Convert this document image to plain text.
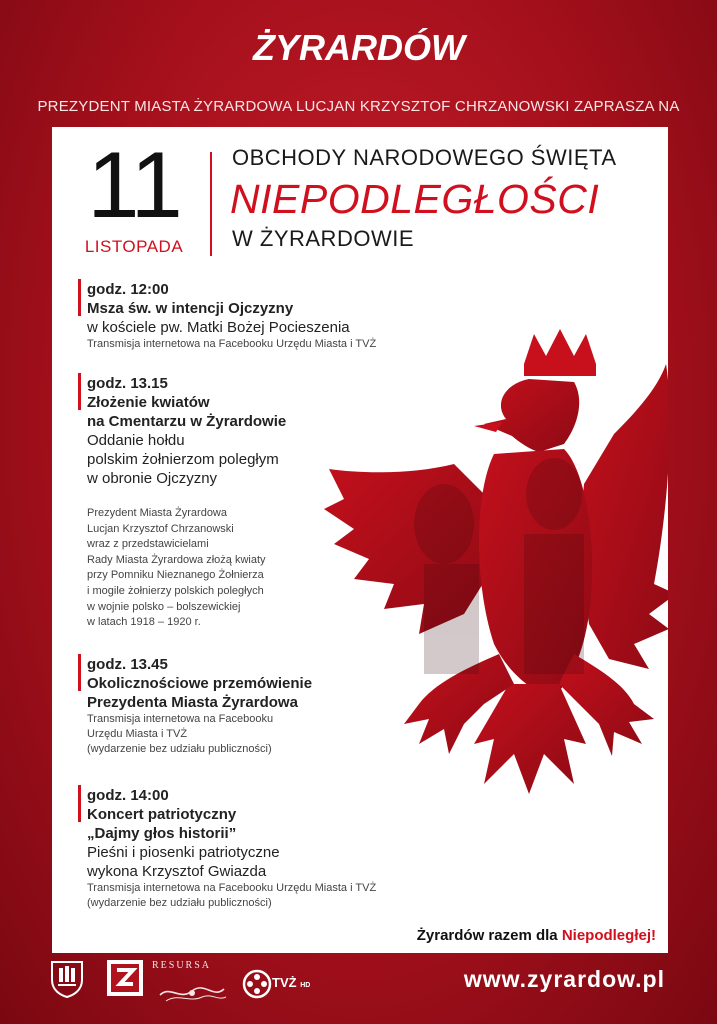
ŻYRARDÓW
PREZYDENT MIASTA ŻYRARDOWA LUCJAN KRZYSZTOF CHRZANOWSKI ZAPRASZA NA
11
LISTOPADA
OBCHODY NARODOWEGO ŚWIĘTA
NIEPODLEGŁOŚCI
W ŻYRARDOWIE
godz. 12:00
Msza św. w intencji Ojczyzny
w kościele pw. Matki Bożej Pocieszenia
Transmisja internetowa na Facebooku Urzędu Miasta i TVŻ
godz. 13.15
Złożenie kwiatów
na Cmentarzu w Żyrardowie
Oddanie hołdu
polskim żołnierzom poległym
w obronie Ojczyzny
Prezydent Miasta Żyrardowa
Lucjan Krzysztof Chrzanowski
wraz z przedstawicielami
Rady Miasta Żyrardowa złożą kwiaty
przy Pomniku Nieznanego Żołnierza
i mogile żołnierzy polskich poległych
w wojnie polsko – bolszewickiej
w latach 1918 – 1920 r.
godz. 13.45
Okolicznościowe przemówienie
Prezydenta Miasta Żyrardowa
Transmisja internetowa na Facebooku
Urzędu Miasta i TVŻ
(wydarzenie bez udziału publiczności)
godz. 14:00
Koncert patriotyczny
„Dajmy głos historii”
Pieśni i piosenki patriotyczne
wykona Krzysztof Gwiazda
Transmisja internetowa na Facebooku Urzędu Miasta i TVŻ
(wydarzenie bez udziału publiczności)
Żyrardów razem dla Niepodległej!
RESURSA
TVŻ HD	www.zyrardow.pl
